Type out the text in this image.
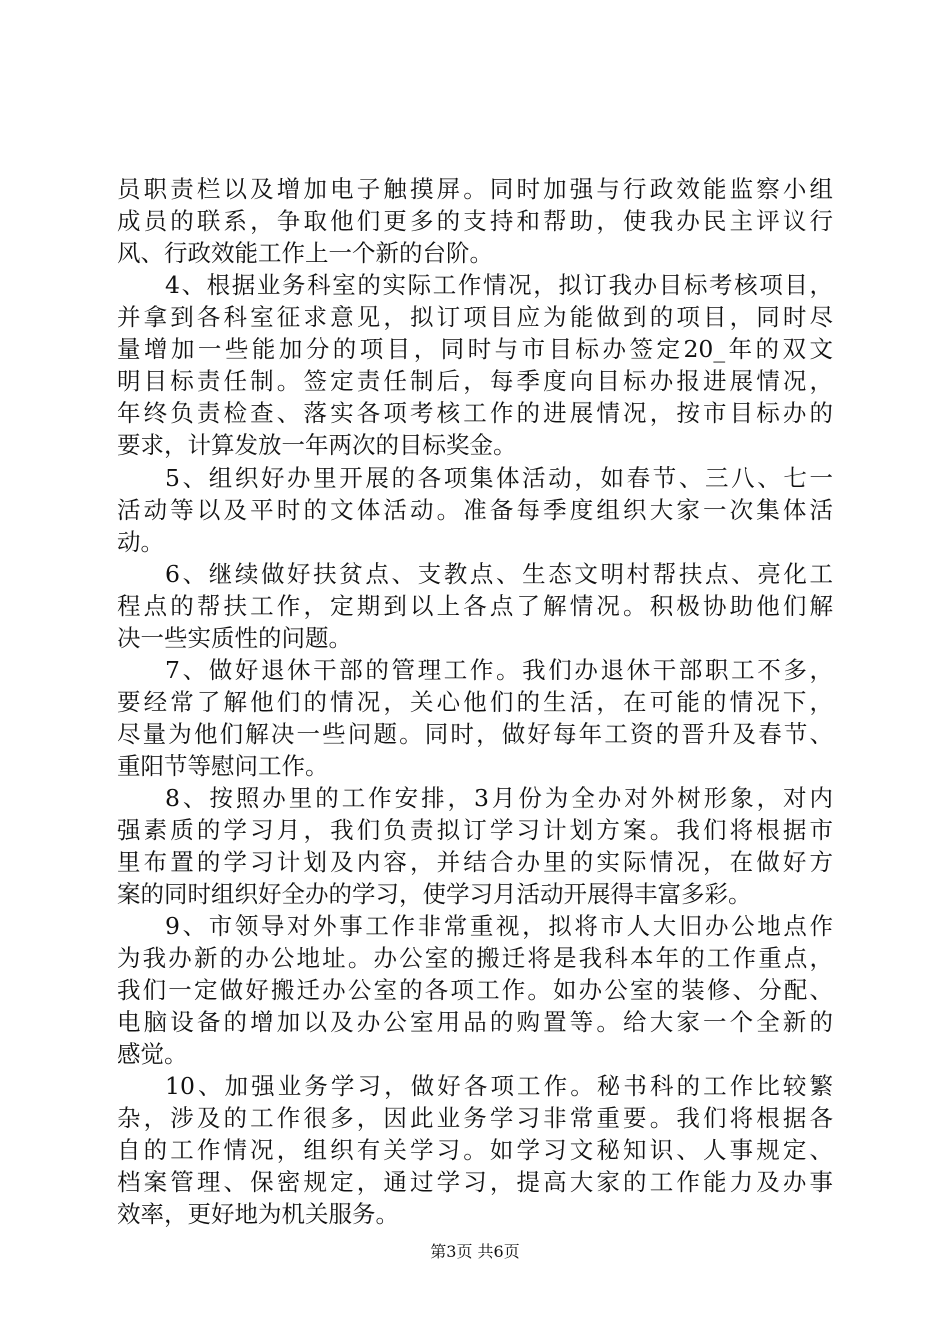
员职责栏以及增加电子触摸屏。同时加强与行政效能监察小组
成员的联系，争取他们更多的支持和帮助，使我办民主评议行
风、行政效能工作上一个新的台阶。
4、根据业务科室的实际工作情况，拟订我办目标考核项目，
并拿到各科室征求意见，拟订项目应为能做到的项目，同时尽
量增加一些能加分的项目，同时与市目标办签定20_年的双文
明目标责任制。签定责任制后，每季度向目标办报进展情况，
年终负责检查、落实各项考核工作的进展情况，按市目标办的
要求，计算发放一年两次的目标奖金。
5、组织好办里开展的各项集体活动，如春节、三八、七一
活动等以及平时的文体活动。准备每季度组织大家一次集体活
动。
6、继续做好扶贫点、支教点、生态文明村帮扶点、亮化工
程点的帮扶工作，定期到以上各点了解情况。积极协助他们解
决一些实质性的问题。
7、做好退休干部的管理工作。我们办退休干部职工不多，
要经常了解他们的情况，关心他们的生活，在可能的情况下，
尽量为他们解决一些问题。同时，做好每年工资的晋升及春节、
重阳节等慰问工作。
8、按照办里的工作安排，3月份为全办对外树形象，对内
强素质的学习月，我们负责拟订学习计划方案。我们将根据市
里布置的学习计划及内容，并结合办里的实际情况，在做好方
案的同时组织好全办的学习，使学习月活动开展得丰富多彩。
9、市领导对外事工作非常重视，拟将市人大旧办公地点作
为我办新的办公地址。办公室的搬迁将是我科本年的工作重点，
我们一定做好搬迁办公室的各项工作。如办公室的装修、分配、
电脑设备的增加以及办公室用品的购置等。给大家一个全新的
感觉。
10、加强业务学习，做好各项工作。秘书科的工作比较繁
杂，涉及的工作很多，因此业务学习非常重要。我们将根据各
自的工作情况，组织有关学习。如学习文秘知识、人事规定、
档案管理、保密规定，通过学习，提高大家的工作能力及办事
效率，更好地为机关服务。
第3页 共6页
